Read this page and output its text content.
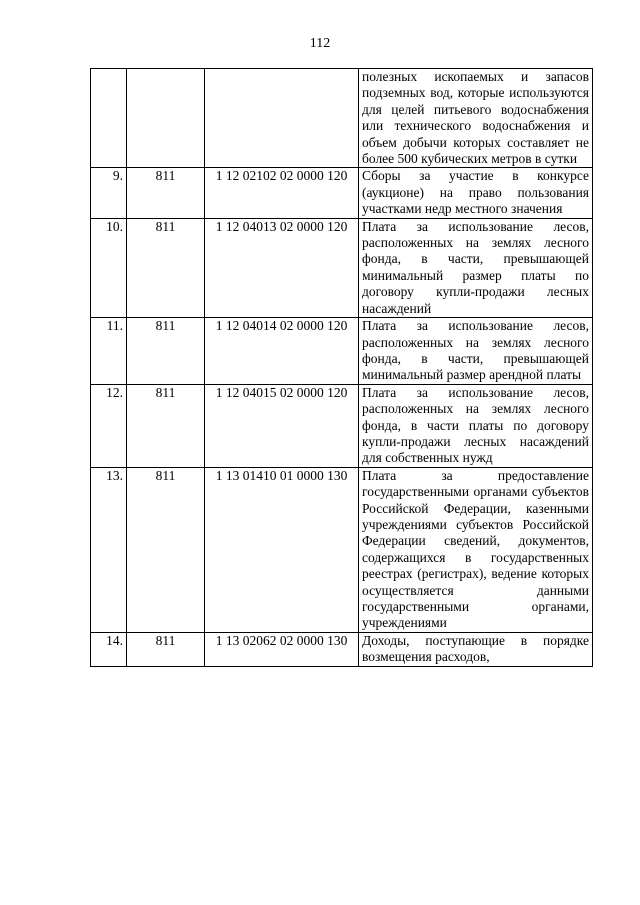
112
			полезных ископаемых и запасов подземных вод, которые используются для целей питьевого водоснабжения или технического водоснабжения и объем добычи которых составляет не более 500 кубических метров в сутки
9.	811	1 12 02102 02 0000 120	Сборы за участие в конкурсе (аукционе) на право пользования участками недр местного значения
10.	811	1 12 04013 02 0000 120	Плата за использование лесов, расположенных на землях лесного фонда, в части, превышающей минимальный размер платы по договору купли-продажи лесных насаждений
11.	811	1 12 04014 02 0000 120	Плата за использование лесов, расположенных на землях лесного фонда, в части, превышающей минимальный размер арендной платы
12.	811	1 12 04015 02 0000 120	Плата за использование лесов, расположенных на землях лесного фонда, в части платы по договору купли-продажи лесных насаждений для собственных нужд
13.	811	1 13 01410 01 0000 130	Плата за предоставление государственными органами субъектов Российской Федерации, казенными учреждениями субъектов Российской Федерации сведений, документов, содержащихся в государственных реестрах (регистрах), ведение которых осуществляется данными государственными органами, учреждениями
14.	811	1 13 02062 02 0000 130	Доходы, поступающие в порядке возмещения расходов,
